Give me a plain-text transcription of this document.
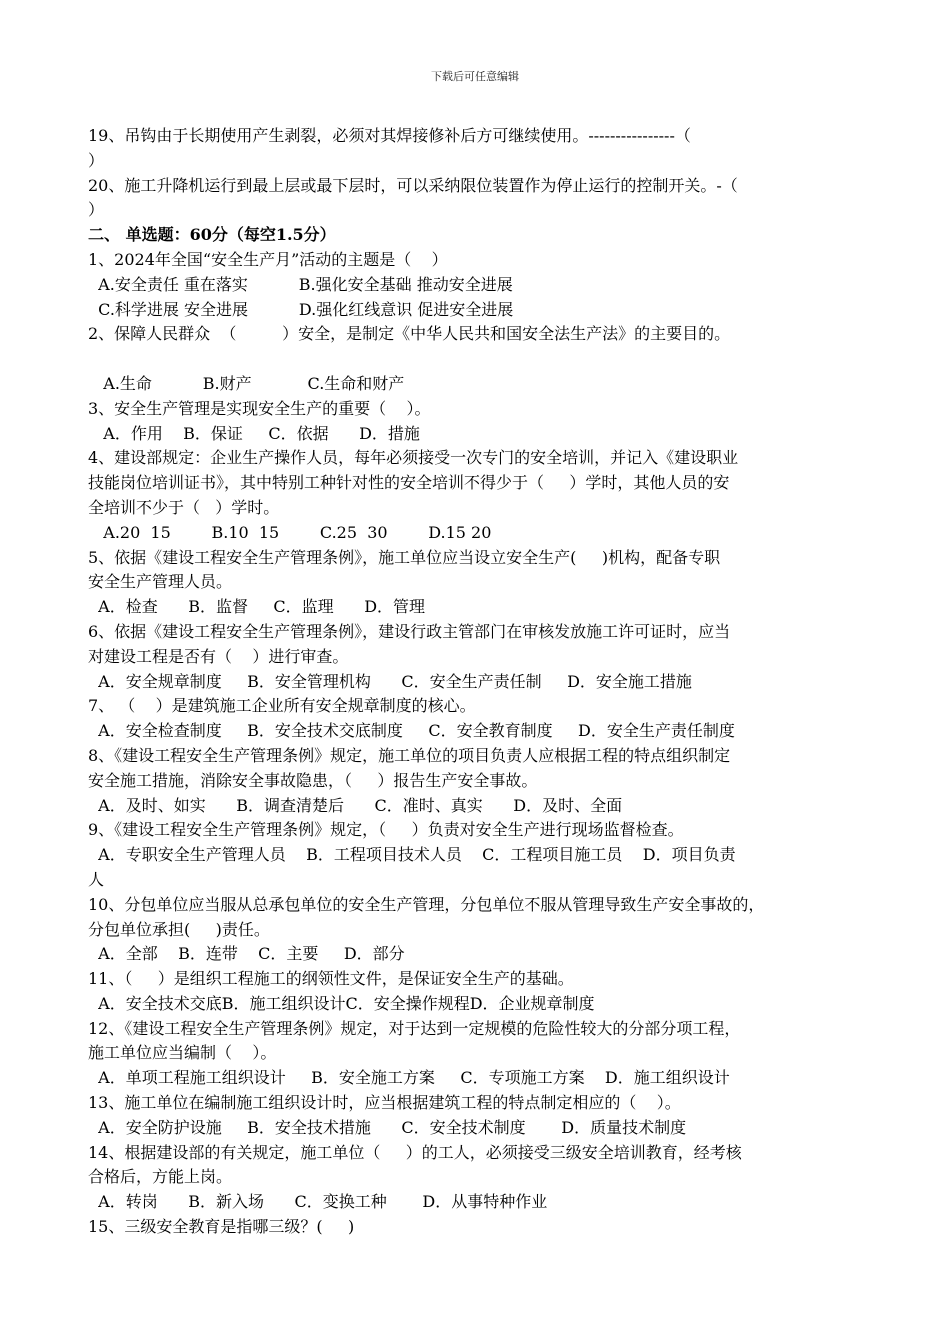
下载后可任意编辑
19、吊钩由于长期使用产生剥裂，必须对其焊接修补后方可继续使用。----------------（
）
20、施工升降机运行到最上层或最下层时，可以采纳限位装置作为停止运行的控制开关。-（
）
二、 单选题：60分（每空1.5分）
1、2024年全国“安全生产月”活动的主题是（    ）
A.安全责任 重在落实          B.强化安全基础 推动安全进展
C.科学进展 安全进展          D.强化红线意识 促进安全进展
2、保障人民群众  （         ）安全，是制定《中华人民共和国安全法生产法》的主要目的。
A.生命          B.财产           C.生命和财产
3、安全生产管理是实现安全生产的重要（    ）。
A．作用    B．保证     C．依据      D．措施
4、建设部规定：企业生产操作人员，每年必须接受一次专门的安全培训，并记入《建设职业
技能岗位培训证书》，其中特别工种针对性的安全培训不得少于（     ）学时，其他人员的安
全培训不少于（   ）学时。
A.20  15        B.10  15        C.25  30        D.15 20
5、依据《建设工程安全生产管理条例》，施工单位应当设立安全生产(     )机构，配备专职
安全生产管理人员。
A．检查      B．监督     C．监理      D．管理
6、依据《建设工程安全生产管理条例》，建设行政主管部门在审核发放施工许可证时，应当
对建设工程是否有（    ）进行审查。
A．安全规章制度     B．安全管理机构      C．安全生产责任制     D．安全施工措施
7、 （    ）是建筑施工企业所有安全规章制度的核心。
A．安全检查制度     B．安全技术交底制度     C．安全教育制度     D．安全生产责任制度
8、《建设工程安全生产管理条例》规定，施工单位的项目负责人应根据工程的特点组织制定
安全施工措施，消除安全事故隐患，（     ）报告生产安全事故。
A．及时、如实      B．调查清楚后      C．准时、真实      D．及时、全面
9、《建设工程安全生产管理条例》规定，（     ）负责对安全生产进行现场监督检查。
A．专职安全生产管理人员    B．工程项目技术人员    C．工程项目施工员    D．项目负责
人
10、分包单位应当服从总承包单位的安全生产管理，分包单位不服从管理导致生产安全事故的，
分包单位承担(     )责任。
A．全部    B．连带    C．主要     D．部分
11、（     ）是组织工程施工的纲领性文件，是保证安全生产的基础。
A．安全技术交底B．施工组织设计C．安全操作规程D．企业规章制度
12、《建设工程安全生产管理条例》规定，对于达到一定规模的危险性较大的分部分项工程，
施工单位应当编制（    ）。
A．单项工程施工组织设计     B．安全施工方案     C．专项施工方案    D．施工组织设计
13、施工单位在编制施工组织设计时，应当根据建筑工程的特点制定相应的（    ）。
A．安全防护设施     B．安全技术措施      C．安全技术制度       D．质量技术制度
14、根据建设部的有关规定，施工单位（     ）的工人，必须接受三级安全培训教育，经考核
合格后，方能上岗。
A．转岗      B．新入场      C．变换工种       D．从事特种作业
15、三级安全教育是指哪三级？(     )
